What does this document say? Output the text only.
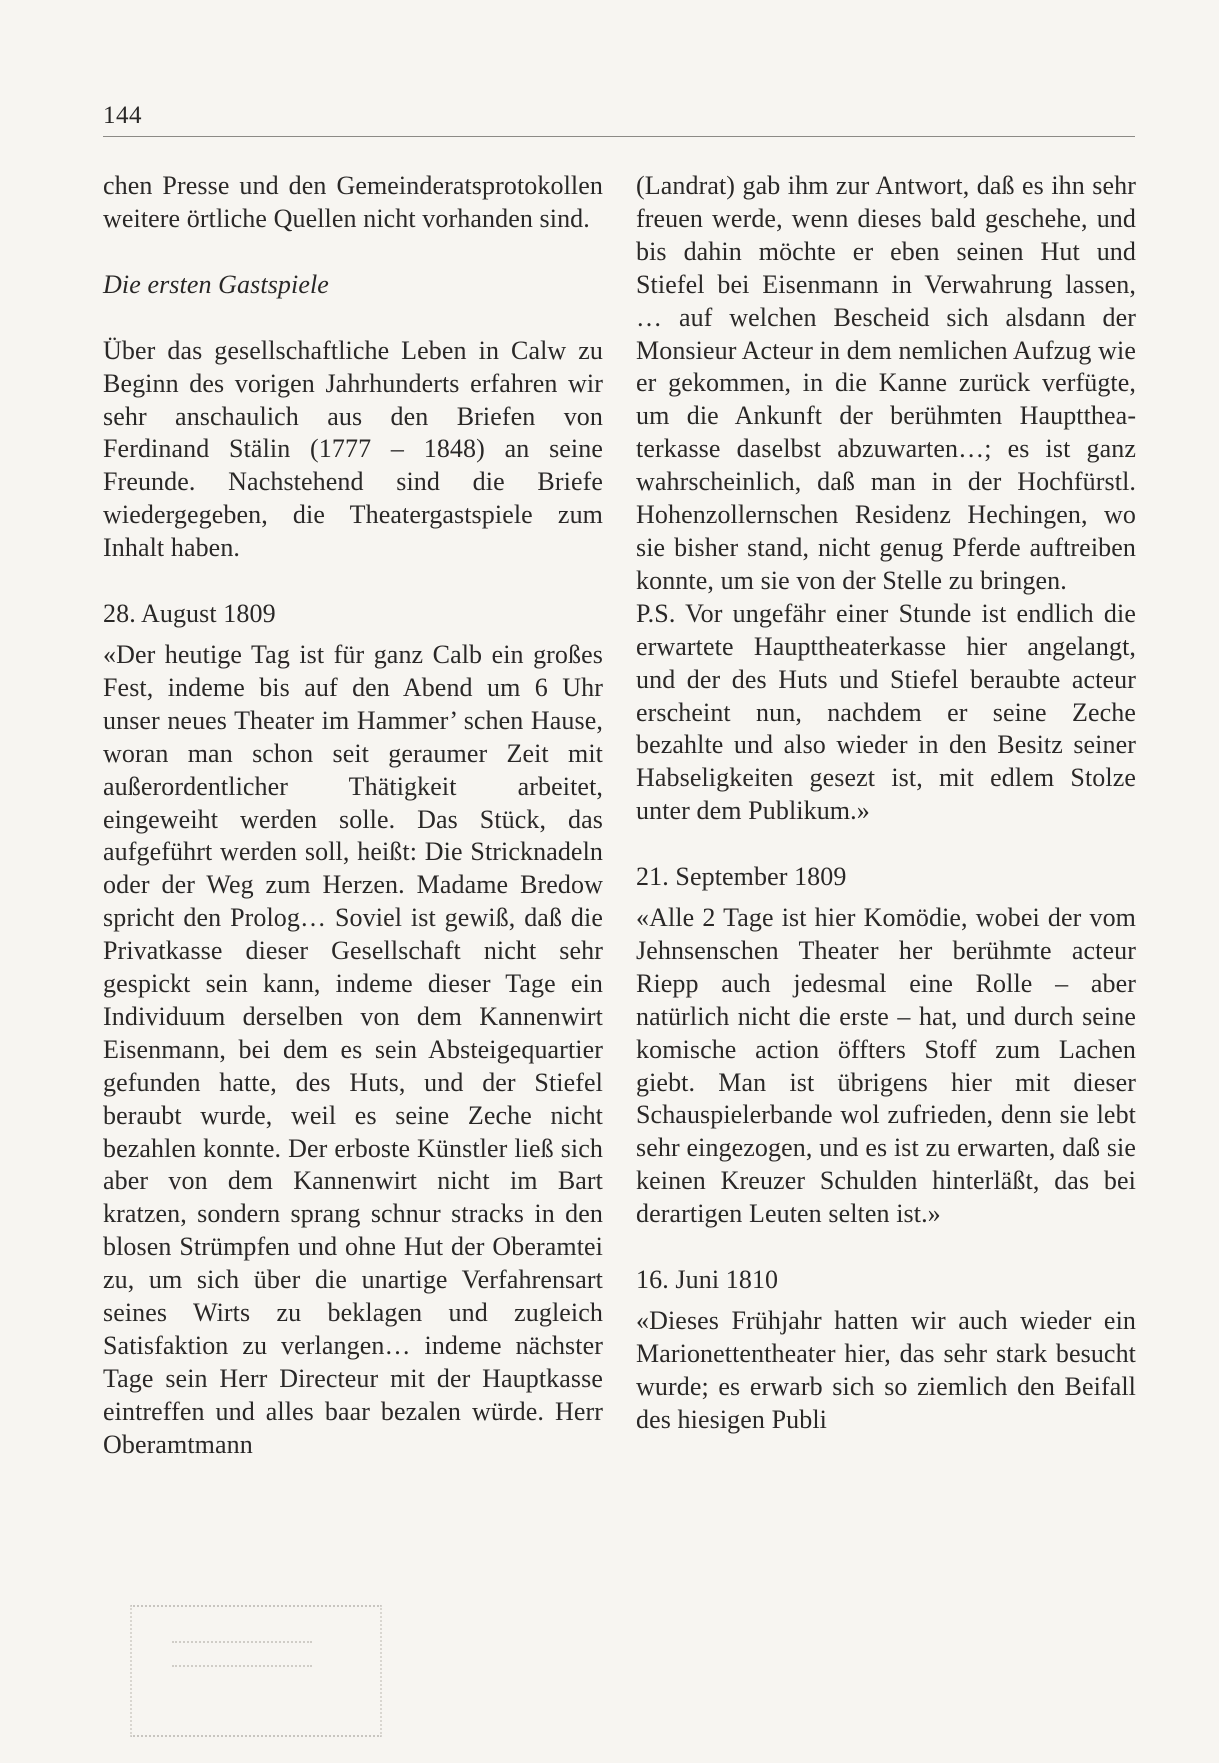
144

chen Presse und den Gemeinderatsprotokollen weitere örtliche Quellen nicht vorhanden sind.

Die ersten Gastspiele

Über das gesellschaftliche Leben in Calw zu Beginn des vorigen Jahrhunderts erfahren wir sehr anschaulich aus den Briefen von Ferdinand Stälin (1777 – 1848) an seine Freunde. Nachstehend sind die Briefe wiedergegeben, die Theatergastspiele zum Inhalt haben.

28. August 1809

«Der heutige Tag ist für ganz Calb ein großes Fest, indeme bis auf den Abend um 6 Uhr unser neues Theater im Hammer’ schen Hause, woran man schon seit geraumer Zeit mit außerordentlicher Thätigkeit arbeitet, eingeweiht werden solle. Das Stück, das aufgeführt werden soll, heißt: Die Stricknadeln oder der Weg zum Herzen. Madame Bredow spricht den Prolog… Soviel ist gewiß, daß die Privatkasse dieser Gesellschaft nicht sehr gespickt sein kann, indeme dieser Tage ein Individuum derselben von dem Kannenwirt Eisenmann, bei dem es sein Absteigequartier gefunden hatte, des Huts, und der Stiefel beraubt wurde, weil es seine Zeche nicht bezahlen konnte. Der erboste Künstler ließ sich aber von dem Kannenwirt nicht im Bart kratzen, sondern sprang schnur stracks in den blosen Strümpfen und ohne Hut der Oberamtei zu, um sich über die unartige Verfahrensart seines Wirts zu beklagen und zugleich Satisfaktion zu verlangen… indeme nächster Tage sein Herr Directeur mit der Hauptkasse eintreffen und alles baar bezalen würde. Herr Oberamtmann

(Landrat) gab ihm zur Antwort, daß es ihn sehr freuen werde, wenn dieses bald geschehe, und bis dahin möchte er eben seinen Hut und Stiefel bei Eisenmann in Verwahrung lassen, … auf welchen Bescheid sich alsdann der Monsieur Acteur in dem nemlichen Aufzug wie er gekommen, in die Kanne zurück verfügte, um die Ankunft der berühmten Haupttheaterkasse daselbst abzuwarten…; es ist ganz wahrscheinlich, daß man in der Hochfürstl. Hohenzollernschen Residenz Hechingen, wo sie bisher stand, nicht genug Pferde auftreiben konnte, um sie von der Stelle zu bringen.

P.S. Vor ungefähr einer Stunde ist endlich die erwartete Haupttheaterkasse hier angelangt, und der des Huts und Stiefel beraubte acteur erscheint nun, nachdem er seine Zeche bezahlte und also wieder in den Besitz seiner Habseligkeiten gesezt ist, mit edlem Stolze unter dem Publikum.»

21. September 1809

«Alle 2 Tage ist hier Komödie, wobei der vom Jehnsenschen Theater her berühmte acteur Riepp auch jedesmal eine Rolle – aber natürlich nicht die erste – hat, und durch seine komische action öffters Stoff zum Lachen giebt. Man ist übrigens hier mit dieser Schauspielerbande wol zufrieden, denn sie lebt sehr eingezogen, und es ist zu erwarten, daß sie keinen Kreuzer Schulden hinterläßt, das bei derartigen Leuten selten ist.»

16. Juni 1810

«Dieses Frühjahr hatten wir auch wieder ein Marionettentheater hier, das sehr stark besucht wurde; es erwarb sich so ziemlich den Beifall des hiesigen Publi
